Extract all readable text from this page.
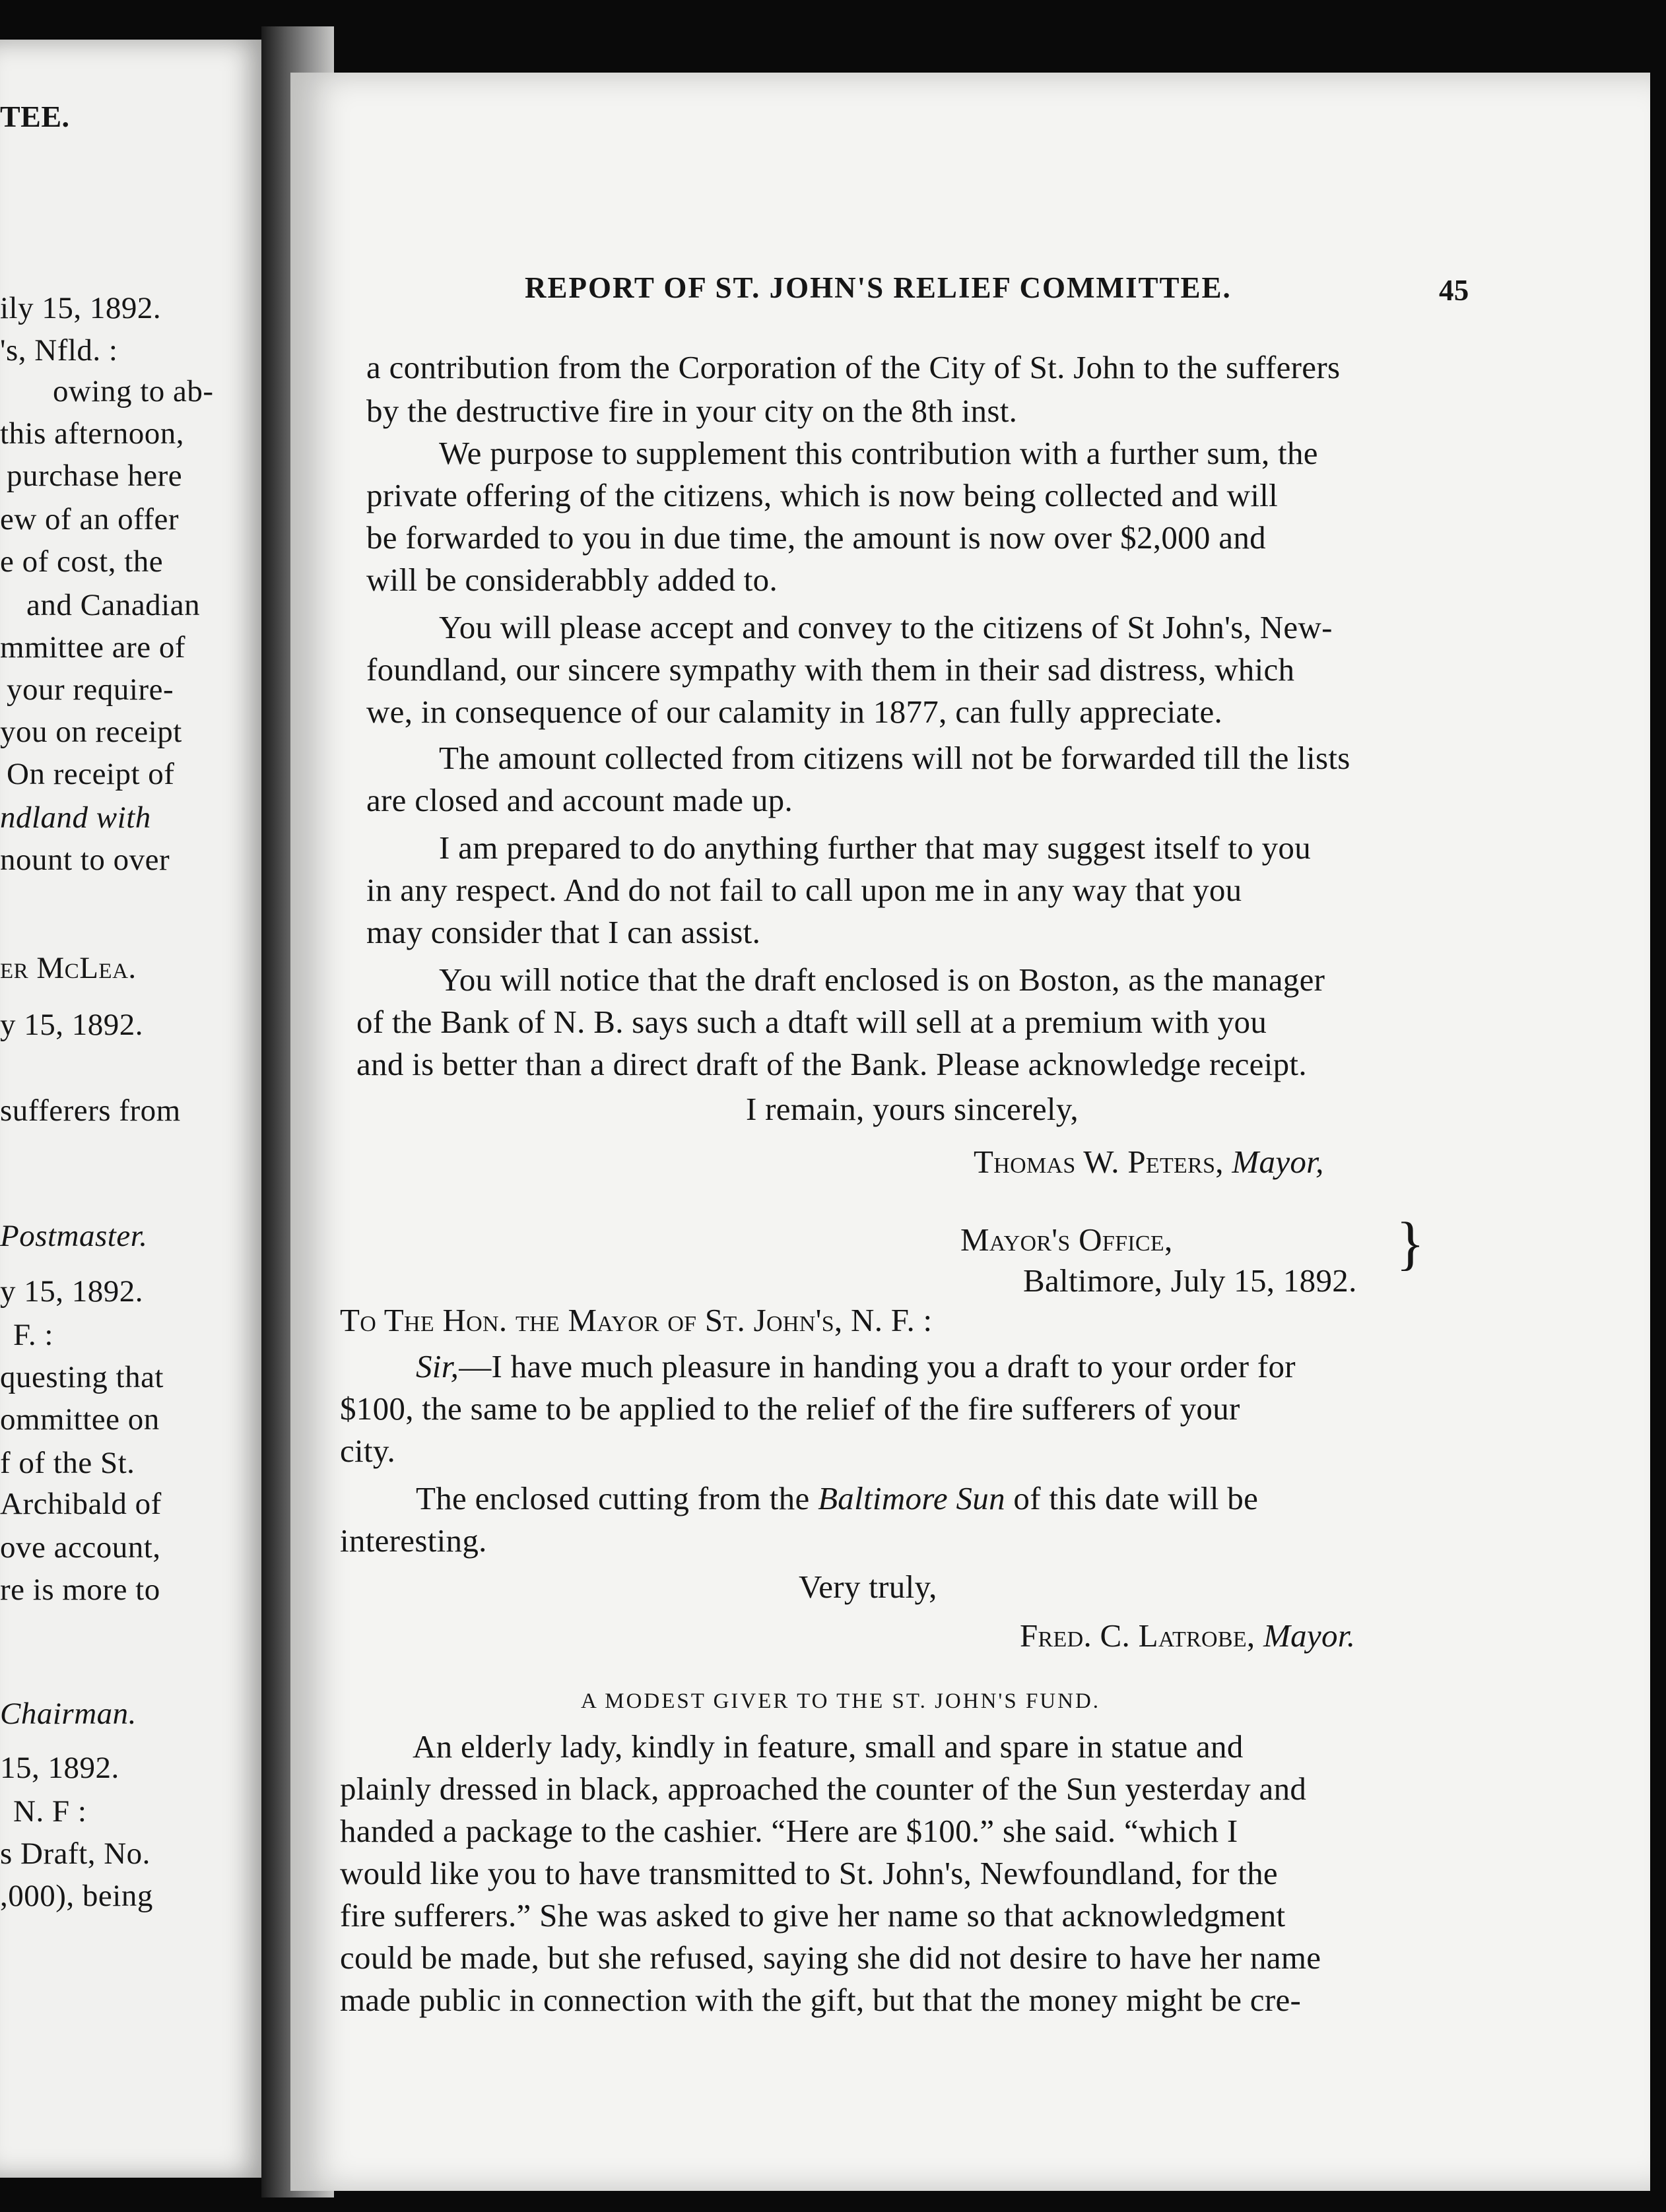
TEE.
ily 15, 1892.
's, Nfld. :
owing to ab-
this afternoon,
purchase here
ew of an offer
e of cost, the
and Canadian
mmittee are of
your require-
you on receipt
On receipt of
ndland with
nount to over
er McLea.
y 15, 1892.
sufferers from
Postmaster.
y 15, 1892.
F. :
questing that
ommittee on
f of the St.
Archibald of
ove account,
re is more to
Chairman.
15, 1892.
N. F :
s Draft, No.
,000), being
REPORT OF ST. JOHN'S RELIEF COMMITTEE.	45
a contribution from the Corporation of the City of St. John to the sufferers
by the destructive fire in your city on the 8th inst.
We purpose to supplement this contribution with a further sum, the
private offering of the citizens, which is now being collected and will
be forwarded to you in due time, the amount is now over $2,000 and
will be considerabbly added to.
You will please accept and convey to the citizens of St John's, New-
foundland, our sincere sympathy with them in their sad distress, which
we, in consequence of our calamity in 1877, can fully appreciate.
The amount collected from citizens will not be forwarded till the lists
are closed and account made up.
I am prepared to do anything further that may suggest itself to you
in any respect. And do not fail to call upon me in any way that you
may consider that I can assist.
You will notice that the draft enclosed is on Boston, as the manager
of the Bank of N. B. says such a dtaft will sell at a premium with you
and is better than a direct draft of the Bank. Please acknowledge receipt.
I remain, yours sincerely,
Thomas W. Peters, Mayor,
Mayor's Office,
Baltimore, July 15, 1892.
}
To The Hon. the Mayor of St. John's, N. F. :
Sir,—I have much pleasure in handing you a draft to your order for
$100, the same to be applied to the relief of the fire sufferers of your
city.
The enclosed cutting from the Baltimore Sun of this date will be
interesting.
Very truly,
Fred. C. Latrobe, Mayor.
A MODEST GIVER TO THE ST. JOHN'S FUND.
An elderly lady, kindly in feature, small and spare in statue and
plainly dressed in black, approached the counter of the Sun yesterday and
handed a package to the cashier. “Here are $100.” she said. “which I
would like you to have transmitted to St. John's, Newfoundland, for the
fire sufferers.” She was asked to give her name so that acknowledgment
could be made, but she refused, saying she did not desire to have her name
made public in connection with the gift, but that the money might be cre-
